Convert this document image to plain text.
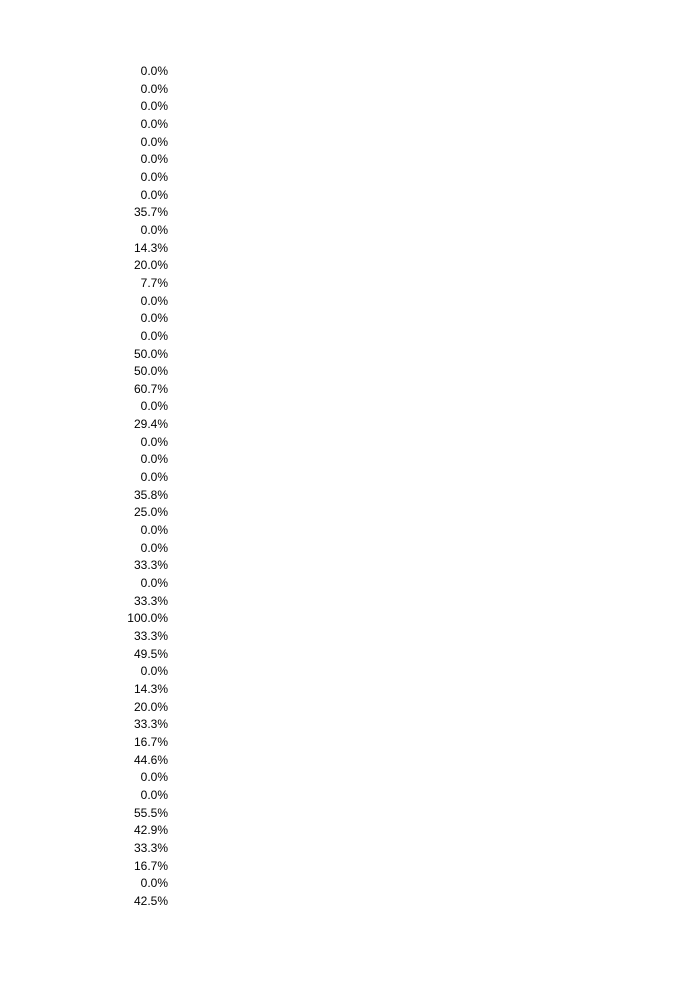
0.0%
0.0%
0.0%
0.0%
0.0%
0.0%
0.0%
0.0%
35.7%
0.0%
14.3%
20.0%
7.7%
0.0%
0.0%
0.0%
50.0%
50.0%
60.7%
0.0%
29.4%
0.0%
0.0%
0.0%
35.8%
25.0%
0.0%
0.0%
33.3%
0.0%
33.3%
100.0%
33.3%
49.5%
0.0%
14.3%
20.0%
33.3%
16.7%
44.6%
0.0%
0.0%
55.5%
42.9%
33.3%
16.7%
0.0%
42.5%
